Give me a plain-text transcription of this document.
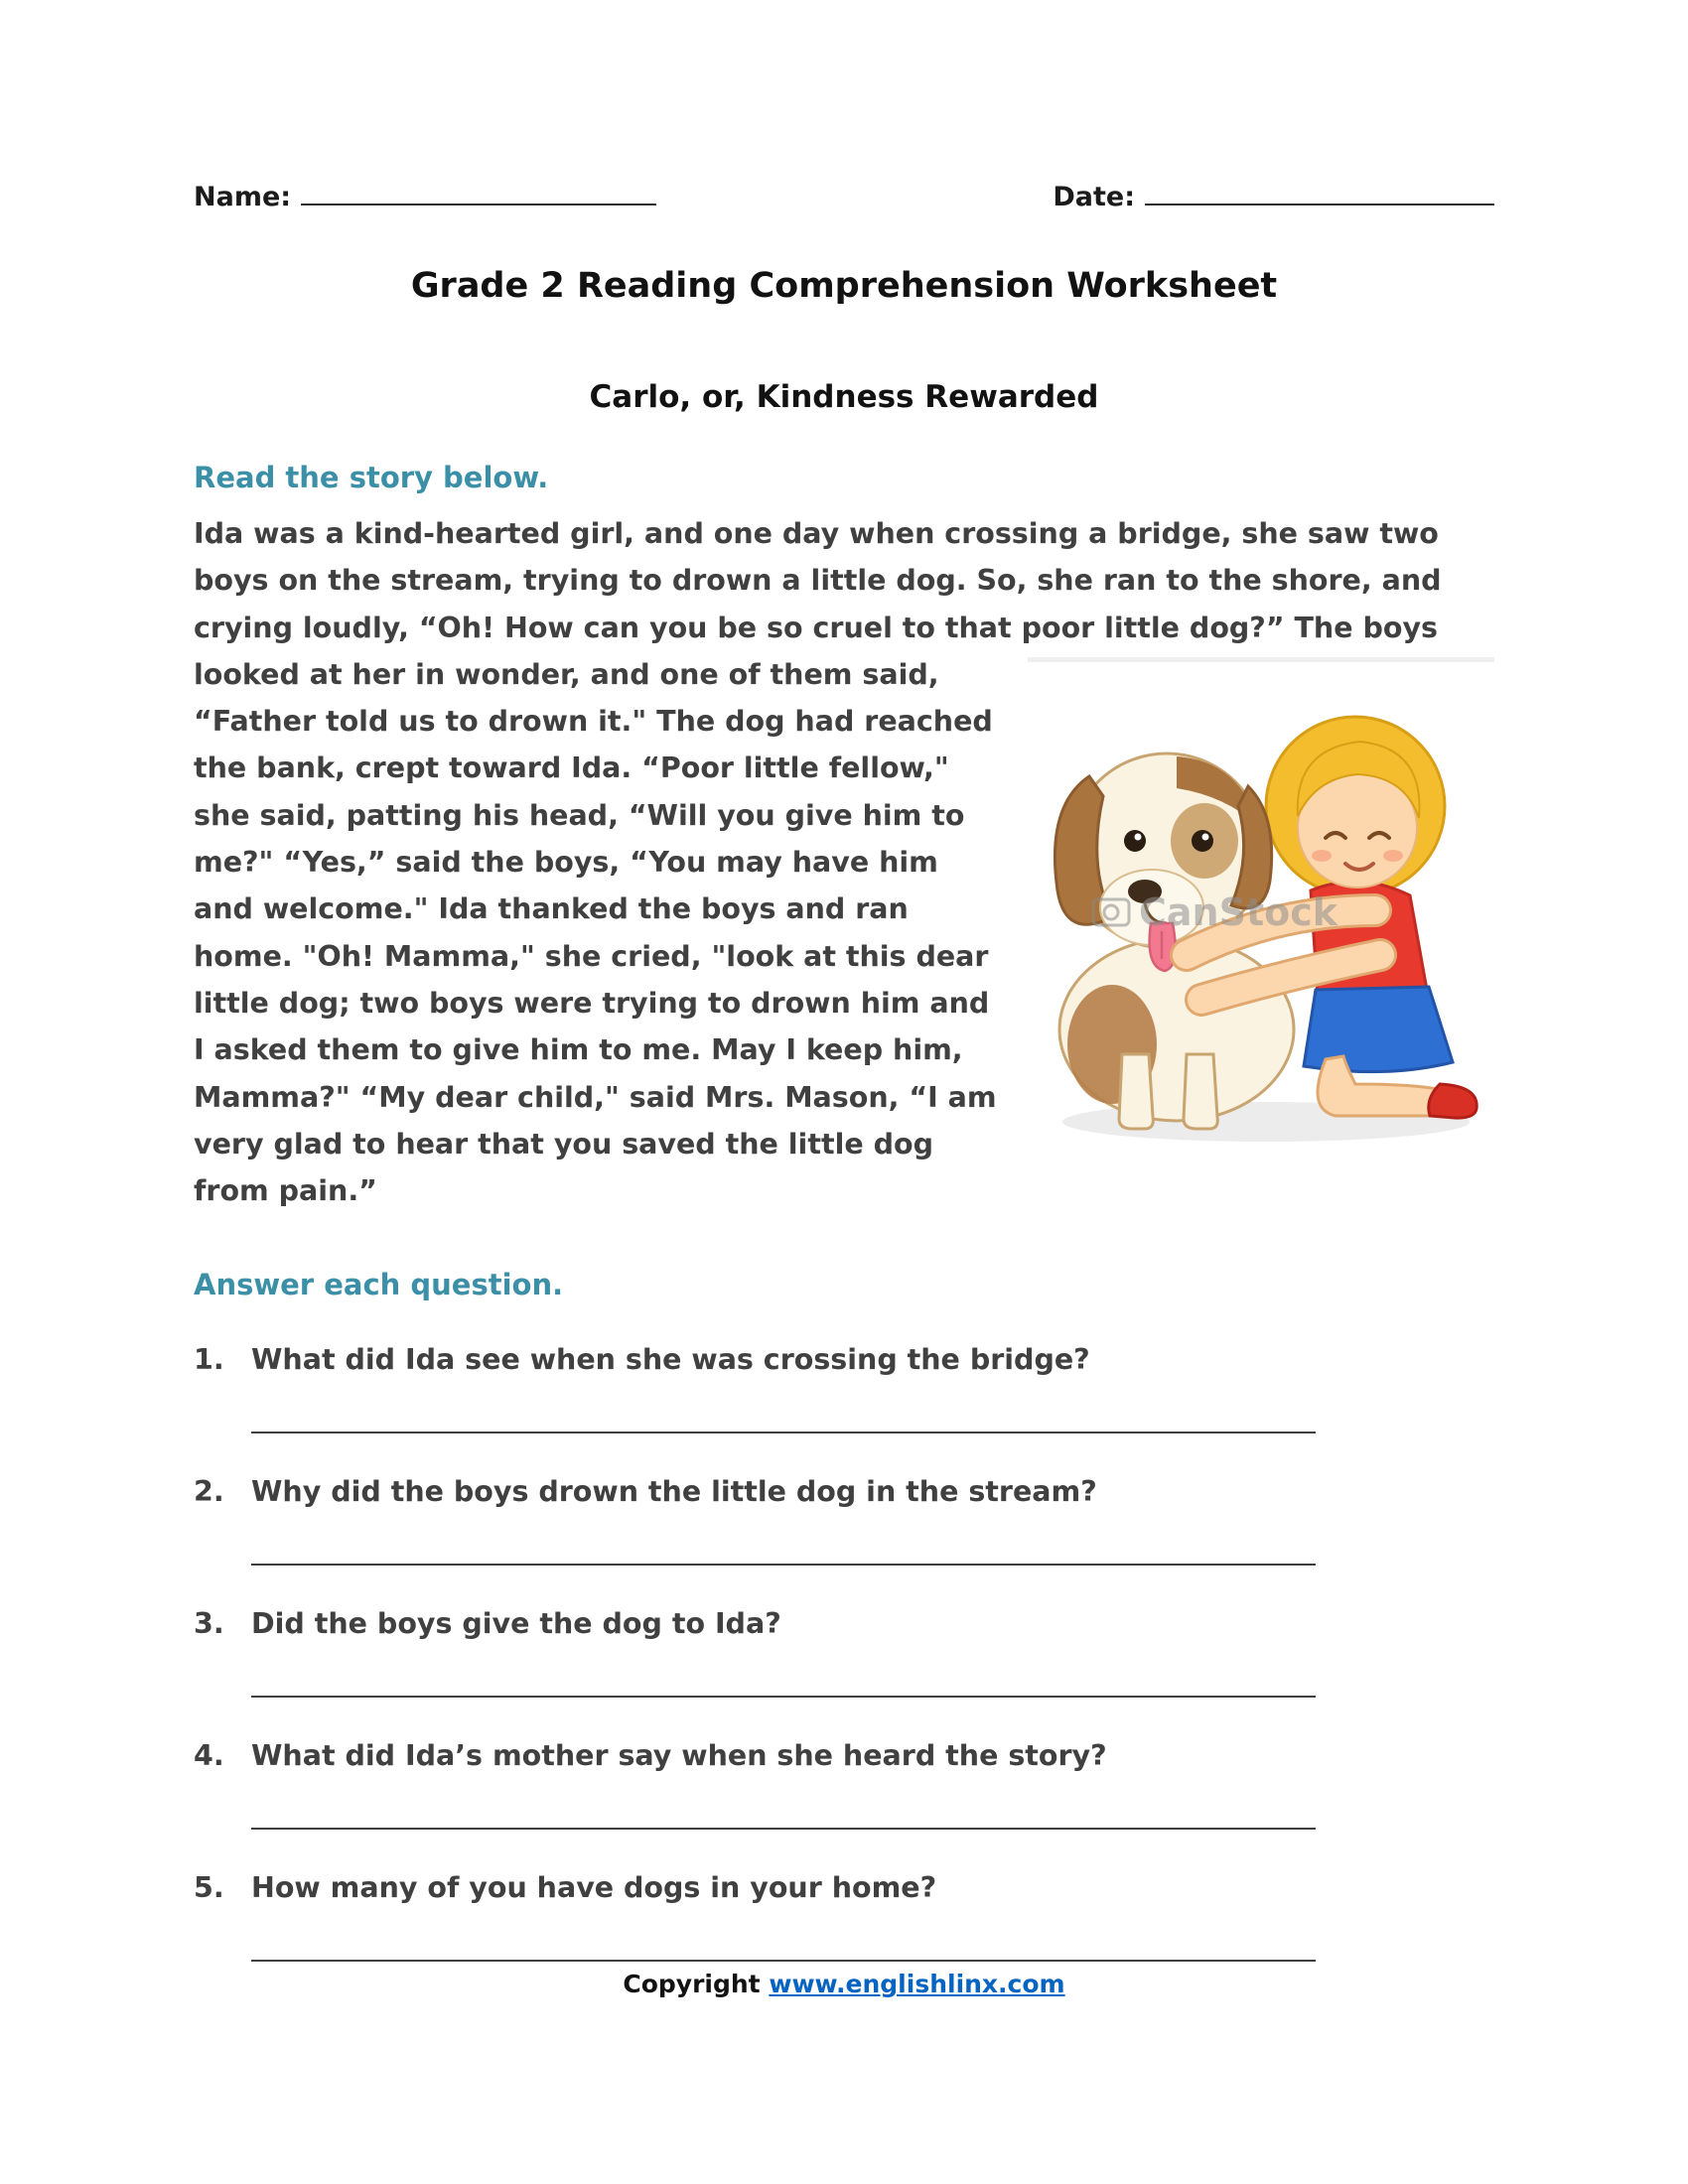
Name:	Date:
Grade 2 Reading Comprehension Worksheet
Carlo, or, Kindness Rewarded
Read the story below.

Ida was a kind-hearted girl, and one day when crossing a bridge, she saw two boys on the stream, trying to drown a little dog. So, she ran to the shore, and crying loudly, “Oh! How can you be so cruel to that poor little dog?” The boys

CanStock

looked at her in wonder, and one of them said, “Father told us to drown it." The dog had reached the bank, crept toward Ida. “Poor little fellow," she said, patting his head, “Will you give him to me?" “Yes,” said the boys, “You may have him and welcome." Ida thanked the boys and ran home. "Oh! Mamma," she cried, "look at this dear little dog; two boys were trying to drown him and I asked them to give him to me. May I keep him, Mamma?" “My dear child," said Mrs. Mason, “I am very glad to hear that you saved the little dog from pain.”

Answer each question.
1. What did Ida see when she was crossing the bridge?
2. Why did the boys drown the little dog in the stream?
3. Did the boys give the dog to Ida?
4. What did Ida’s mother say when she heard the story?
5. How many of you have dogs in your home?
Copyright www.englishlinx.com
